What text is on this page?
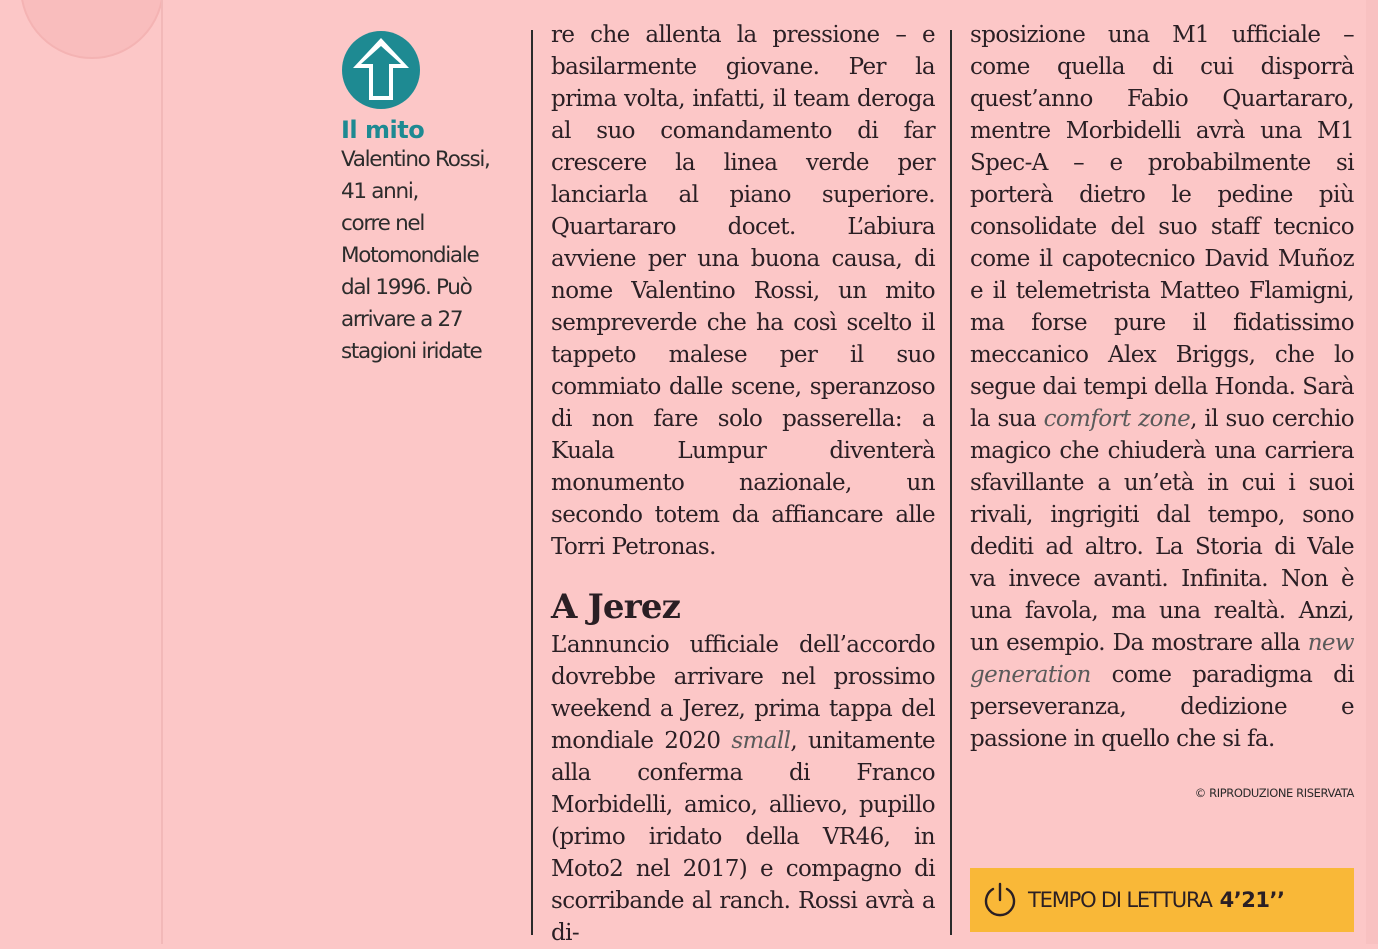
Il mito
Valentino Rossi,
41 anni,
corre nel
Motomondiale
dal 1996. Può
arrivare a 27
stagioni iridate

re che allenta la pressione – e basilarmente giovane. Per la prima volta, infatti, il team deroga al suo comandamento di far crescere la linea verde per lanciarla al piano superiore. Quartararo docet. L’abiura avviene per una buona causa, di nome Valentino Rossi, un mito sempreverde che ha così scelto il tappeto malese per il suo commiato dalle scene, speranzoso di non fare solo passerella: a Kuala Lumpur diventerà monumento nazionale, un secondo totem da affiancare alle Torri Petronas.

A Jerez

L’annuncio ufficiale dell’accordo dovrebbe arrivare nel prossimo weekend a Jerez, prima tappa del mondiale 2020 small, unitamente alla conferma di Franco Morbidelli, amico, allievo, pupillo (primo iridato della VR46, in Moto2 nel 2017) e compagno di scorribande al ranch. Rossi avrà a di-

sposizione una M1 ufficiale – come quella di cui disporrà quest’anno Fabio Quartararo, mentre Morbidelli avrà una M1 Spec-A – e probabilmente si porterà dietro le pedine più consolidate del suo staff tecnico come il capotecnico David Muñoz e il telemetrista Matteo Flamigni, ma forse pure il fidatissimo meccanico Alex Briggs, che lo segue dai tempi della Honda. Sarà la sua comfort zone, il suo cerchio magico che chiuderà una carriera sfavillante a un’età in cui i suoi rivali, ingrigiti dal tempo, sono dediti ad altro. La Storia di Vale va invece avanti. Infinita. Non è una favola, ma una realtà. Anzi, un esempio. Da mostrare alla new generation come paradigma di perseveranza, dedizione e passione in quello che si fa.

© RIPRODUZIONE RISERVATA
TEMPO DI LETTURA 4’21’’
